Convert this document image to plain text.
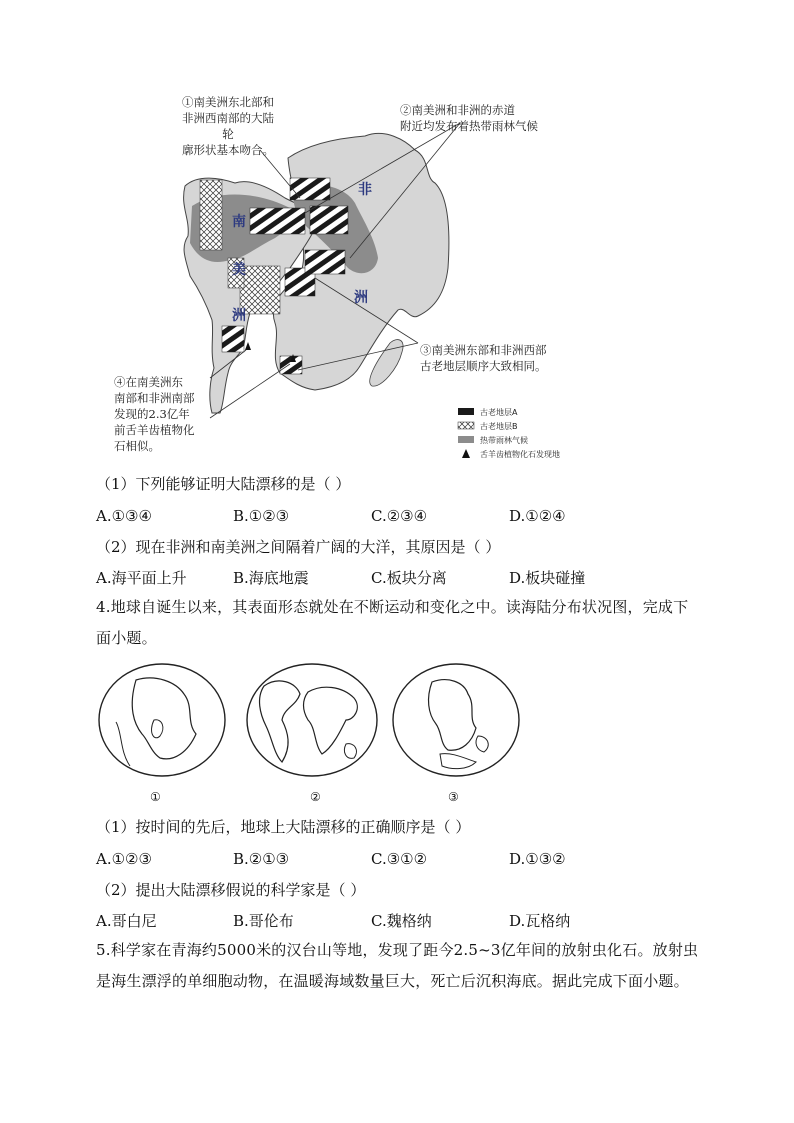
非
洲
南
美
洲
①南美洲东北部和
非洲西南部的大陆轮
廓形状基本吻合。
②南美洲和非洲的赤道
附近均发布着热带雨林气候
③南美洲东部和非洲西部
古老地层顺序大致相同。
④在南美洲东
南部和非洲南部
发现的2.3亿年
前舌羊齿植物化
石相似。
古老地层A
古老地层B
热带雨林气候
舌羊齿植物化石发现地
（1）下列能够证明大陆漂移的是（ ）
A.①③④	B.①②③	C.②③④	D.①②④
（2）现在非洲和南美洲之间隔着广阔的大洋，其原因是（ ）
A.海平面上升	B.海底地震	C.板块分离	D.板块碰撞
4.地球自诞生以来，其表面形态就处在不断运动和变化之中。读海陆分布状况图，完成下面小题。
①	②	③
（1）按时间的先后，地球上大陆漂移的正确顺序是（ ）
A.①②③	B.②①③	C.③①②	D.①③②
（2）提出大陆漂移假说的科学家是（ ）
A.哥白尼	B.哥伦布	C.魏格纳	D.瓦格纳
5.科学家在青海约5000米的汉台山等地，发现了距今2.5~3亿年间的放射虫化石。放射虫是海生漂浮的单细胞动物，在温暖海域数量巨大，死亡后沉积海底。据此完成下面小题。
